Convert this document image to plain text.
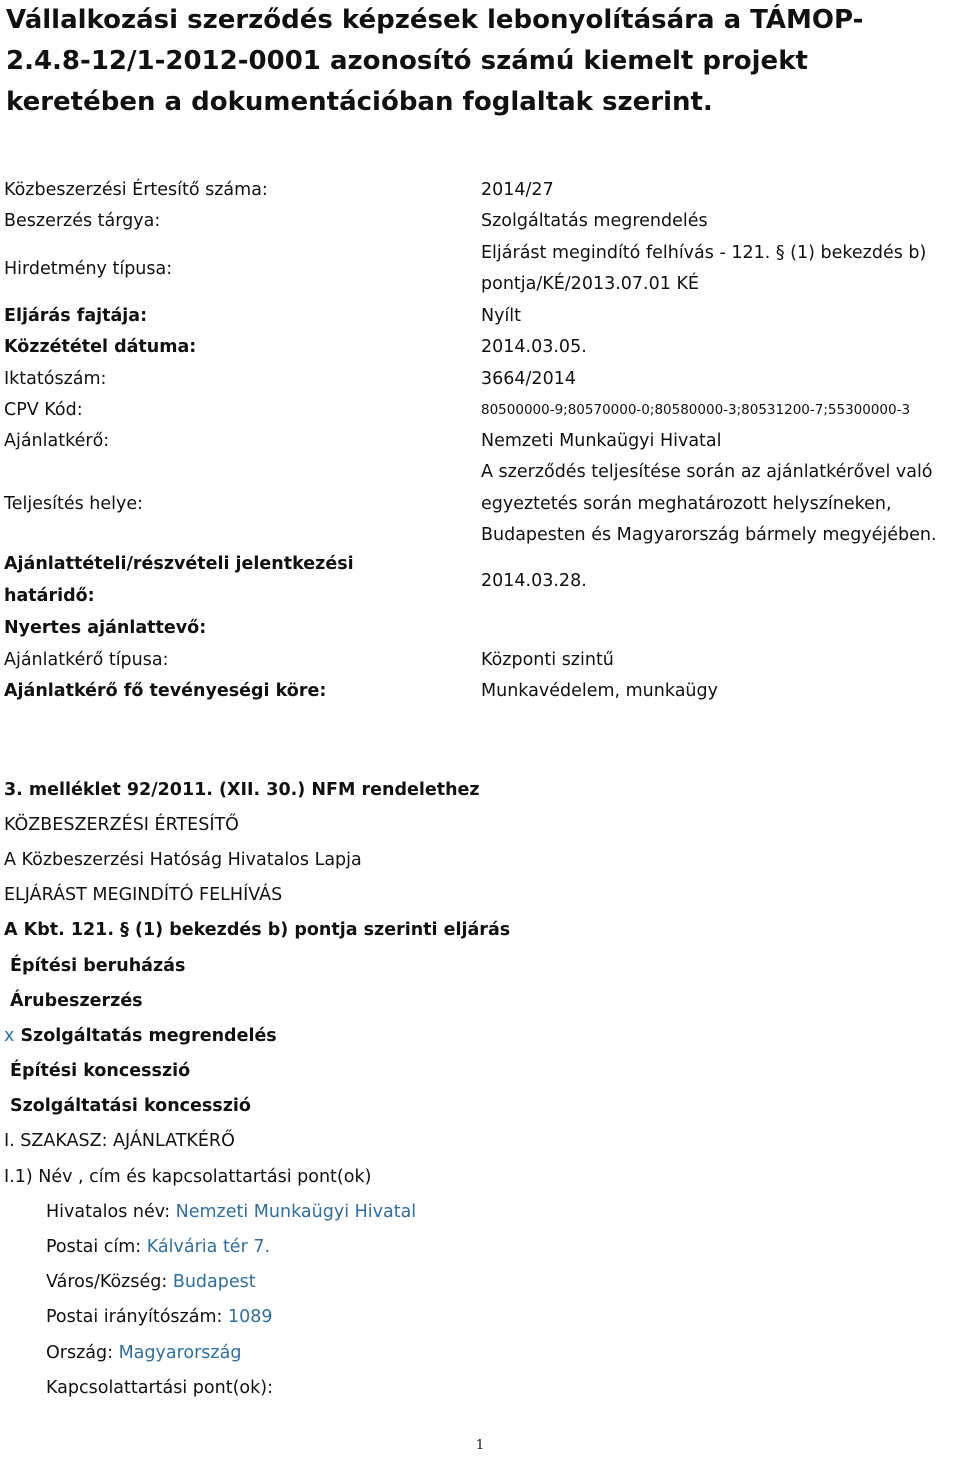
Vállalkozási szerződés képzések lebonyolítására a TÁMOP-2.4.8-12/1-2012-0001 azonosító számú kiemelt projekt keretében a dokumentációban foglaltak szerint.
Közbeszerzési Értesítő száma:	2014/27
Beszerzés tárgya:	Szolgáltatás megrendelés
Hirdetmény típusa:
Eljárást megindító felhívás - 121. § (1) bekezdés b)
pontja/KÉ/2013.07.01 KÉ
Eljárás fajtája:	Nyílt
Közzététel dátuma:	2014.03.05.
Iktatószám:	3664/2014
CPV Kód:	80500000-9;80570000-0;80580000-3;80531200-7;55300000-3
Ajánlatkérő:	Nemzeti Munkaügyi Hivatal
Teljesítés helye:
A szerződés teljesítése során az ajánlatkérővel való
egyeztetés során meghatározott helyszíneken,
Budapesten és Magyarország bármely megyéjében.
Ajánlattételi/részvételi jelentkezési
határidő:
2014.03.28.
Nyertes ajánlattevő:
Ajánlatkérő típusa:	Központi szintű
Ajánlatkérő fő tevényeségi köre:	Munkavédelem, munkaügy
3. melléklet 92/2011. (XII. 30.) NFM rendelethez
KÖZBESZERZÉSI ÉRTESÍTŐ
A Közbeszerzési Hatóság Hivatalos Lapja
ELJÁRÁST MEGINDÍTÓ FELHÍVÁS
A Kbt. 121. § (1) bekezdés b) pontja szerinti eljárás
Építési beruházás
Árubeszerzés
x Szolgáltatás megrendelés
Építési koncesszió
Szolgáltatási koncesszió
I. SZAKASZ: AJÁNLATKÉRŐ
I.1) Név , cím és kapcsolattartási pont(ok)
Hivatalos név: Nemzeti Munkaügyi Hivatal
Postai cím: Kálvária tér 7.
Város/Község: Budapest
Postai irányítószám: 1089
Ország: Magyarország
Kapcsolattartási pont(ok):
1
